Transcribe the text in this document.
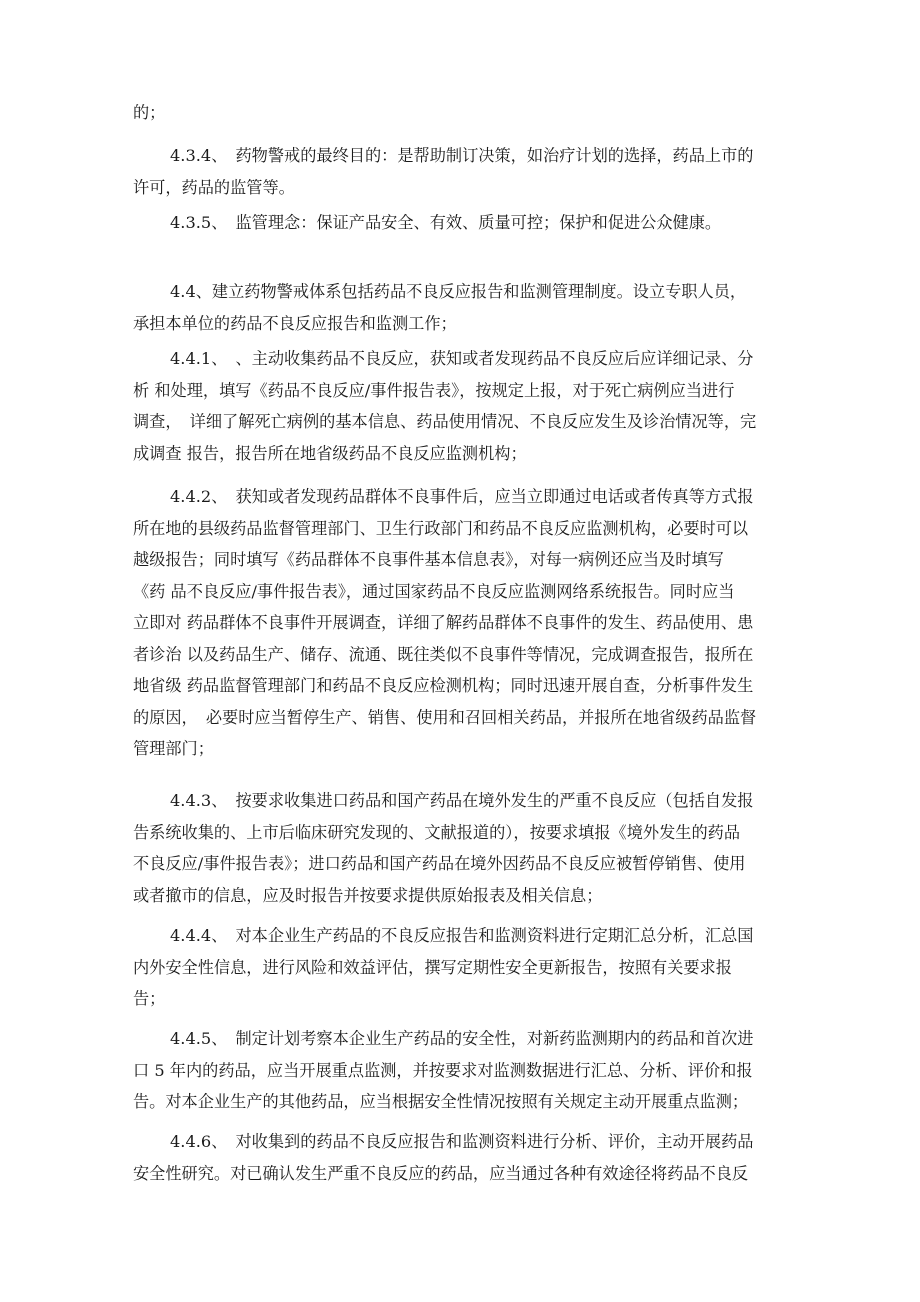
的；
4.3.4、　药物警戒的最终目的：是帮助制订决策，如治疗计划的选择，药品上市的
许可，药品的监管等。
4.3.5、　监管理念：保证产品安全、有效、质量可控；保护和促进公众健康。
4.4、建立药物警戒体系包括药品不良反应报告和监测管理制度。设立专职人员，
承担本单位的药品不良反应报告和监测工作；
4.4.1、　、主动收集药品不良反应，获知或者发现药品不良反应后应详细记录、分
析 和处理，填写《药品不良反应/事件报告表》，按规定上报，对于死亡病例应当进行
调查，　详细了解死亡病例的基本信息、药品使用情况、不良反应发生及诊治情况等，完
成调查 报告，报告所在地省级药品不良反应监测机构；
4.4.2、　获知或者发现药品群体不良事件后，应当立即通过电话或者传真等方式报
所在地的县级药品监督管理部门、卫生行政部门和药品不良反应监测机构，必要时可以
越级报告；同时填写《药品群体不良事件基本信息表》，对每一病例还应当及时填写
《药 品不良反应/事件报告表》，通过国家药品不良反应监测网络系统报告。同时应当
立即对 药品群体不良事件开展调查，详细了解药品群体不良事件的发生、药品使用、患
者诊治 以及药品生产、储存、流通、既往类似不良事件等情况，完成调查报告，报所在
地省级 药品监督管理部门和药品不良反应检测机构；同时迅速开展自查，分析事件发生
的原因，　必要时应当暂停生产、销售、使用和召回相关药品，并报所在地省级药品监督
管理部门；
4.4.3、　按要求收集进口药品和国产药品在境外发生的严重不良反应（包括自发报
告系统收集的、上市后临床研究发现的、文献报道的），按要求填报《境外发生的药品
不良反应/事件报告表》；进口药品和国产药品在境外因药品不良反应被暂停销售、使用
或者撤市的信息，应及时报告并按要求提供原始报表及相关信息；
4.4.4、　对本企业生产药品的不良反应报告和监测资料进行定期汇总分析，汇总国
内外安全性信息，进行风险和效益评估，撰写定期性安全更新报告，按照有关要求报
告；
4.4.5、　制定计划考察本企业生产药品的安全性，对新药监测期内的药品和首次进
口 5 年内的药品，应当开展重点监测，并按要求对监测数据进行汇总、分析、评价和报
告。对本企业生产的其他药品，应当根据安全性情况按照有关规定主动开展重点监测；
4.4.6、　对收集到的药品不良反应报告和监测资料进行分析、评价，主动开展药品
安全性研究。对已确认发生严重不良反应的药品，应当通过各种有效途径将药品不良反
